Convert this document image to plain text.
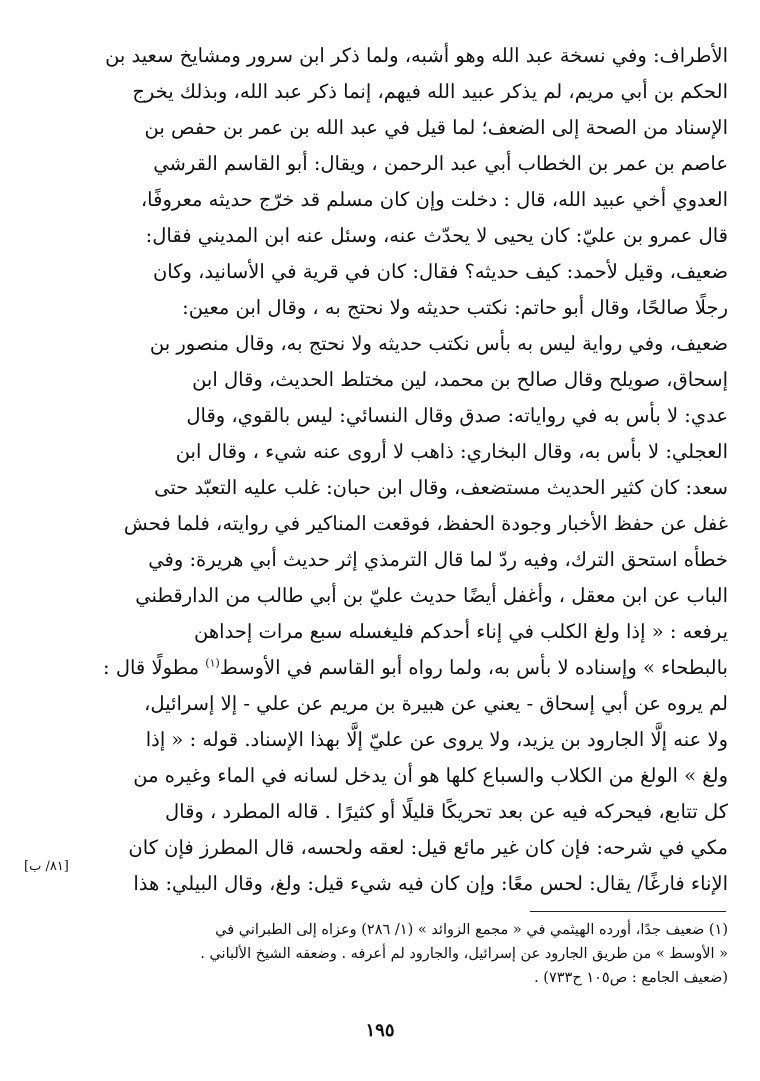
الأطراف: وفي نسخة عبد الله وهو أشبه، ولما ذكر ابن سرور ومشايخ سعيد بن
الحكم بن أبي مريم، لم يذكر عبيد الله فيهم، إنما ذكر عبد الله، وبذلك يخرج
الإسناد من الصحة إلى الضعف؛ لما قيل في عبد الله بن عمر بن حفص بن
عاصم بن عمر بن الخطاب أبي عبد الرحمن ، ويقال: أبو القاسم القرشي
العدوي أخي عبيد الله، قال : دخلت وإن كان مسلم قد خرّج حديثه معروفًا،
قال عمرو بن عليّ: كان يحيى لا يحدّث عنه، وسئل عنه ابن المديني فقال:
ضعيف، وقيل لأحمد: كيف حديثه؟ فقال: كان في قرية في الأسانيد، وكان
رجلًا صالحًا، وقال أبو حاتم: نكتب حديثه ولا نحتج به ، وقال ابن معين:
ضعيف، وفي رواية ليس به بأس نكتب حديثه ولا نحتج به، وقال منصور بن
إسحاق، صويلح وقال صالح بن محمد، لين مختلط الحديث، وقال ابن
عدي: لا بأس به في رواياته: صدق وقال النسائي: ليس بالقوي، وقال
العجلي: لا بأس به، وقال البخاري: ذاهب لا أروى عنه شيء ، وقال ابن
سعد: كان كثير الحديث مستضعف، وقال ابن حبان: غلب عليه التعبّد حتى
غفل عن حفظ الأخبار وجودة الحفظ، فوقعت المناكير في روايته، فلما فحش
خطأه استحق الترك، وفيه ردّ لما قال الترمذي إثر حديث أبي هريرة: وفي
الباب عن ابن معقل ، وأغفل أيضًا حديث عليّ بن أبي طالب من الدارقطني
يرفعه : « إذا ولغ الكلب في إناء أحدكم فليغسله سبع مرات إحداهن
بالبطحاء » وإسناده لا بأس به، ولما رواه أبو القاسم في الأوسط$^{(١)}$ مطولًا قال :
لم يروه عن أبي إسحاق - يعني عن هبيرة بن مريم عن علي - إلا إسرائيل،
ولا عنه إلَّا الجارود بن يزيد، ولا يروى عن عليّ إلَّا بهذا الإسناد. قوله : « إذا
ولغ » الولغ من الكلاب والسباع كلها هو أن يدخل لسانه في الماء وغيره من
كل تتابع، فيحركه فيه عن بعد تحريكًا قليلًا أو كثيرًا . قاله المطرد ، وقال
مكي في شرحه: فإن كان غير مائع قيل: لعقه ولحسه، قال المطرز فإن كان
الإناء فارغًا/ يقال: لحس معًا: وإن كان فيه شيء قيل: ولغ، وقال البيلي: هذا
[٨١/ ب]
(١) ضعيف جدًا، أورده الهيثمي في « مجمع الزوائد » (١/ ٢٨٦) وعزاه إلى الطبراني في
« الأوسط » من طريق الجارود عن إسرائيل، والجارود لم أعرفه . وضعفه الشيخ الألباني .
(ضعيف الجامع : ص١٠٥ ح٧٣٣) .
١٩٥
